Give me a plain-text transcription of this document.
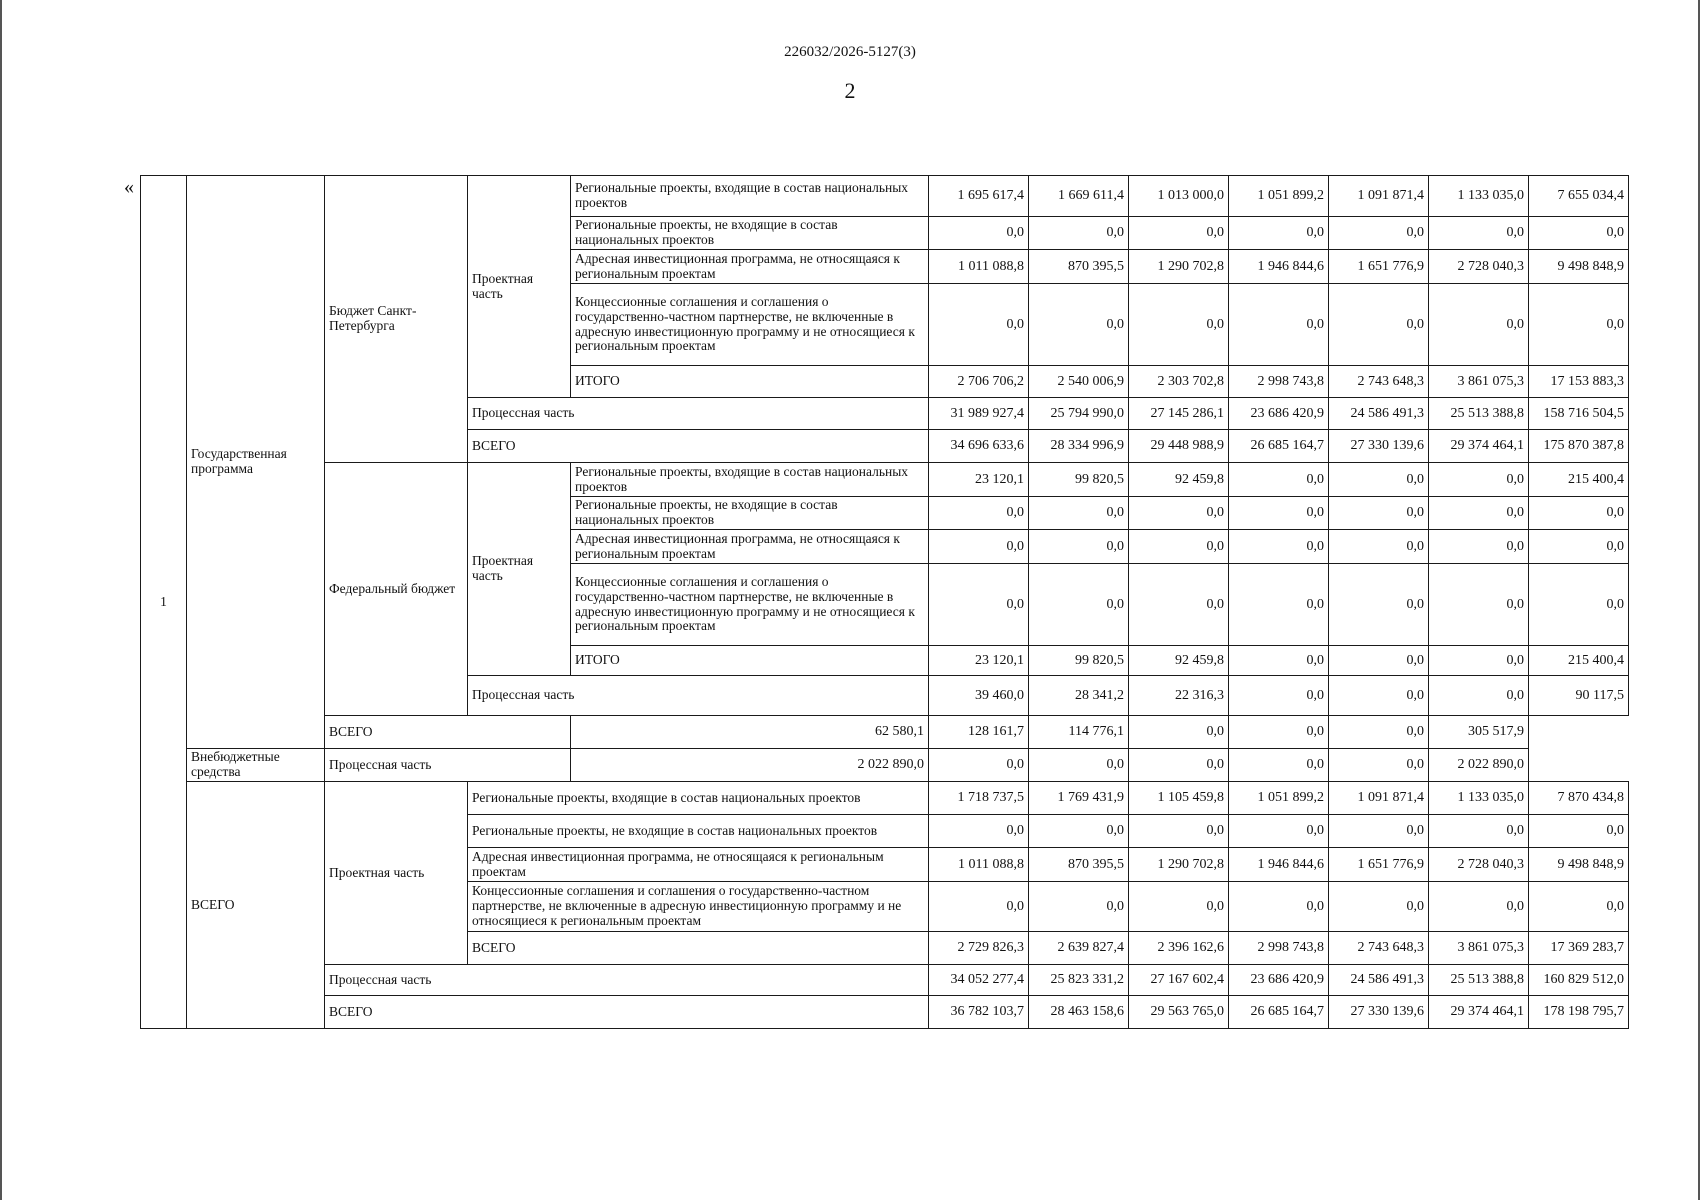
226032/2026-5127(3)
2
«
1	Государственная программа	Бюджет Санкт-Петербурга	Проектная часть	Региональные проекты, входящие в состав национальных проектов	1 695 617,4	1 669 611,4	1 013 000,0	1 051 899,2	1 091 871,4	1 133 035,0	7 655 034,4
				Региональные проекты, не входящие в состав национальных проектов	0,0	0,0	0,0	0,0	0,0	0,0	0,0
				Адресная инвестиционная программа, не относящаяся к региональным проектам	1 011 088,8	870 395,5	1 290 702,8	1 946 844,6	1 651 776,9	2 728 040,3	9 498 848,9
				Концессионные соглашения и соглашения о государственно-частном партнерстве, не включенные в адресную инвестиционную программу и не относящиеся к региональным проектам	0,0	0,0	0,0	0,0	0,0	0,0	0,0
				ИТОГО	2 706 706,2	2 540 006,9	2 303 702,8	2 998 743,8	2 743 648,3	3 861 075,3	17 153 883,3
			Процессная часть		31 989 927,4	25 794 990,0	27 145 286,1	23 686 420,9	24 586 491,3	25 513 388,8	158 716 504,5
			ВСЕГО		34 696 633,6	28 334 996,9	29 448 988,9	26 685 164,7	27 330 139,6	29 374 464,1	175 870 387,8
		Федеральный бюджет	Проектная часть	Региональные проекты, входящие в состав национальных проектов	23 120,1	99 820,5	92 459,8	0,0	0,0	0,0	215 400,4
				Региональные проекты, не входящие в состав национальных проектов	0,0	0,0	0,0	0,0	0,0	0,0	0,0
				Адресная инвестиционная программа, не относящаяся к региональным проектам	0,0	0,0	0,0	0,0	0,0	0,0	0,0
				Концессионные соглашения и соглашения о государственно-частном партнерстве, не включенные в адресную инвестиционную программу и не относящиеся к региональным проектам	0,0	0,0	0,0	0,0	0,0	0,0	0,0
				ИТОГО	23 120,1	99 820,5	92 459,8	0,0	0,0	0,0	215 400,4
			Процессная часть		39 460,0	28 341,2	22 316,3	0,0	0,0	0,0	90 117,5
		ВСЕГО		62 580,1	128 161,7	114 776,1	0,0	0,0	0,0	305 517,9	
	Внебюджетные средства	Процессная часть		2 022 890,0	0,0	0,0	0,0	0,0	0,0	2 022 890,0	
	ВСЕГО	Проектная часть	Региональные проекты, входящие в состав национальных проектов		1 718 737,5	1 769 431,9	1 105 459,8	1 051 899,2	1 091 871,4	1 133 035,0	7 870 434,8
			Региональные проекты, не входящие в состав национальных проектов		0,0	0,0	0,0	0,0	0,0	0,0	0,0
			Адресная инвестиционная программа, не относящаяся к региональным проектам		1 011 088,8	870 395,5	1 290 702,8	1 946 844,6	1 651 776,9	2 728 040,3	9 498 848,9
			Концессионные соглашения и соглашения о государственно-частном партнерстве, не включенные в адресную инвестиционную программу и не относящиеся к региональным проектам		0,0	0,0	0,0	0,0	0,0	0,0	0,0
			ВСЕГО		2 729 826,3	2 639 827,4	2 396 162,6	2 998 743,8	2 743 648,3	3 861 075,3	17 369 283,7
		Процессная часть			34 052 277,4	25 823 331,2	27 167 602,4	23 686 420,9	24 586 491,3	25 513 388,8	160 829 512,0
		ВСЕГО			36 782 103,7	28 463 158,6	29 563 765,0	26 685 164,7	27 330 139,6	29 374 464,1	178 198 795,7
